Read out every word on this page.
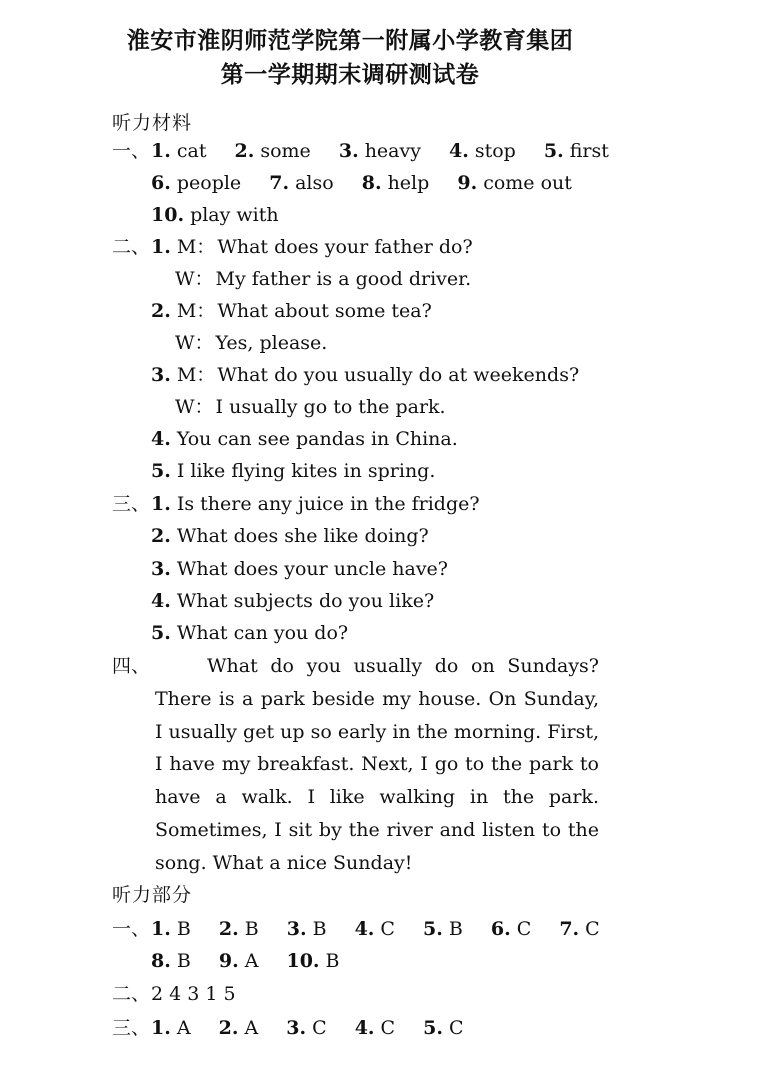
淮安市淮阴师范学院第一附属小学教育集团
第一学期期末调研测试卷
听力材料
一、 1. cat 2. some 3. heavy 4. stop 5. first
6. people 7. also 8. help 9. come out
10. play with
二、 1. M： What does your father do?
W： My father is a good driver.
2. M： What about some tea?
W： Yes, please.
3. M： What do you usually do at weekends?
W： I usually go to the park.
4. You can see pandas in China.
5. I like flying kites in spring.
三、 1. Is there any juice in the fridge?
2. What does she like doing?
3. What does your uncle have?
4. What subjects do you like?
5. What can you do?
四、	What do you usually do on Sundays? There is a park beside my house. On Sunday, I usually get up so early in the morning. First, I have my breakfast. Next, I go to the park to have a walk. I like walking in the park. Sometimes, I sit by the river and listen to the song. What a nice Sunday!
听力部分
一、 1. B 2. B 3. B 4. C 5. B 6. C 7. C
8. B 9. A 10. B
二、 2 4 3 1 5
三、 1. A 2. A 3. C 4. C 5. C
